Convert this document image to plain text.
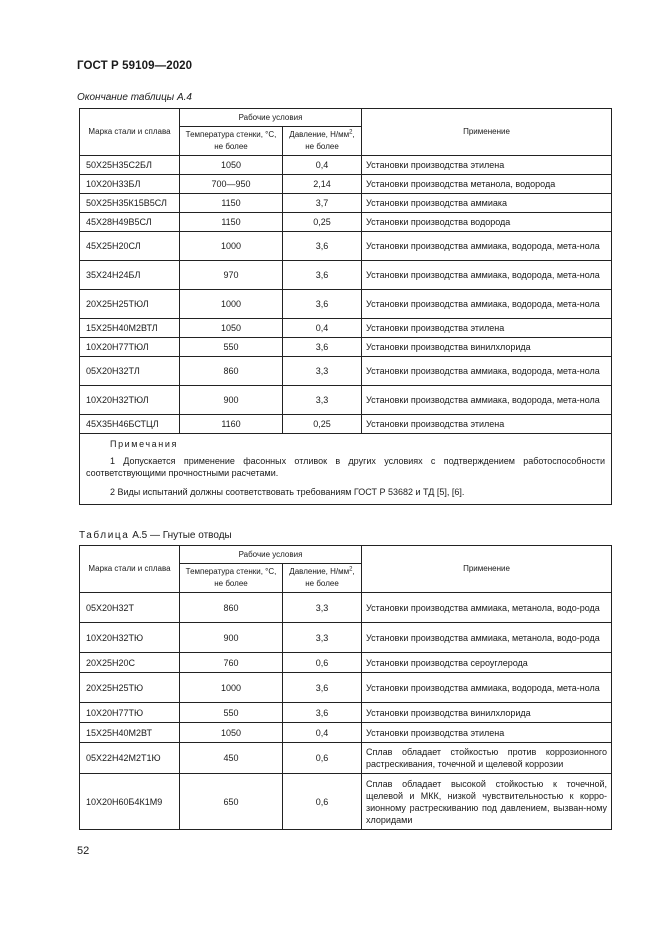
ГОСТ Р 59109—2020
Окончание таблицы А.4
Марка стали и сплава	Рабочие условия		Применение
	Температура стенки, °С, не более	Давление, $Н/мм^2$, не более	
50Х25Н35С2БЛ	1050	0,4	Установки производства этилена
10Х20Н33БЛ	700—950	2,14	Установки производства метанола, водорода
50Х25Н35К15В5СЛ	1150	3,7	Установки производства аммиака
45Х28Н49В5СЛ	1150	0,25	Установки производства водорода
45Х25Н20СЛ	1000	3,6	Установки производства аммиака, водорода, мета-нола
35Х24Н24БЛ	970	3,6	Установки производства аммиака, водорода, мета-нола
20Х25Н25ТЮЛ	1000	3,6	Установки производства аммиака, водорода, мета-нола
15Х25Н40М2ВТЛ	1050	0,4	Установки производства этилена
10Х20Н77ТЮЛ	550	3,6	Установки производства винилхлорида
05Х20Н32ТЛ	860	3,3	Установки производства аммиака, водорода, мета-нола
10Х20Н32ТЮЛ	900	3,3	Установки производства аммиака, водорода, мета-нола
45Х35Н46БСТЦЛ	1160	0,25	Установки производства этилена

Примечания
1 Допускается применение фасонных отливок в других условиях с подтверждением работоспособности соответствующими прочностными расчетами.
2 Виды испытаний должны соответствовать требованиям ГОСТ Р 53682 и ТД [5], [6].			
Таблица А.5 — Гнутые отводы
Марка стали и сплава	Рабочие условия		Применение
	Температура стенки, °С, не более	Давление, $Н/мм^2$, не более	
05Х20Н32Т	860	3,3	Установки производства аммиака, метанола, водо-рода
10Х20Н32ТЮ	900	3,3	Установки производства аммиака, метанола, водо-рода
20Х25Н20С	760	0,6	Установки производства сероуглерода
20Х25Н25ТЮ	1000	3,6	Установки производства аммиака, водорода, мета-нола
10Х20Н77ТЮ	550	3,6	Установки производства винилхлорида
15Х25Н40М2ВТ	1050	0,4	Установки производства этилена
05Х22Н42М2Т1Ю	450	0,6	Сплав обладает стойкостью против коррозионного растрескивания, точечной и щелевой коррозии
10Х20Н60Б4К1М9	650	0,6	Сплав обладает высокой стойкостью к точечной, щелевой и МКК, низкой чувствительностью к корро-зионному растрескиванию под давлением, вызван-ному хлоридами
52
